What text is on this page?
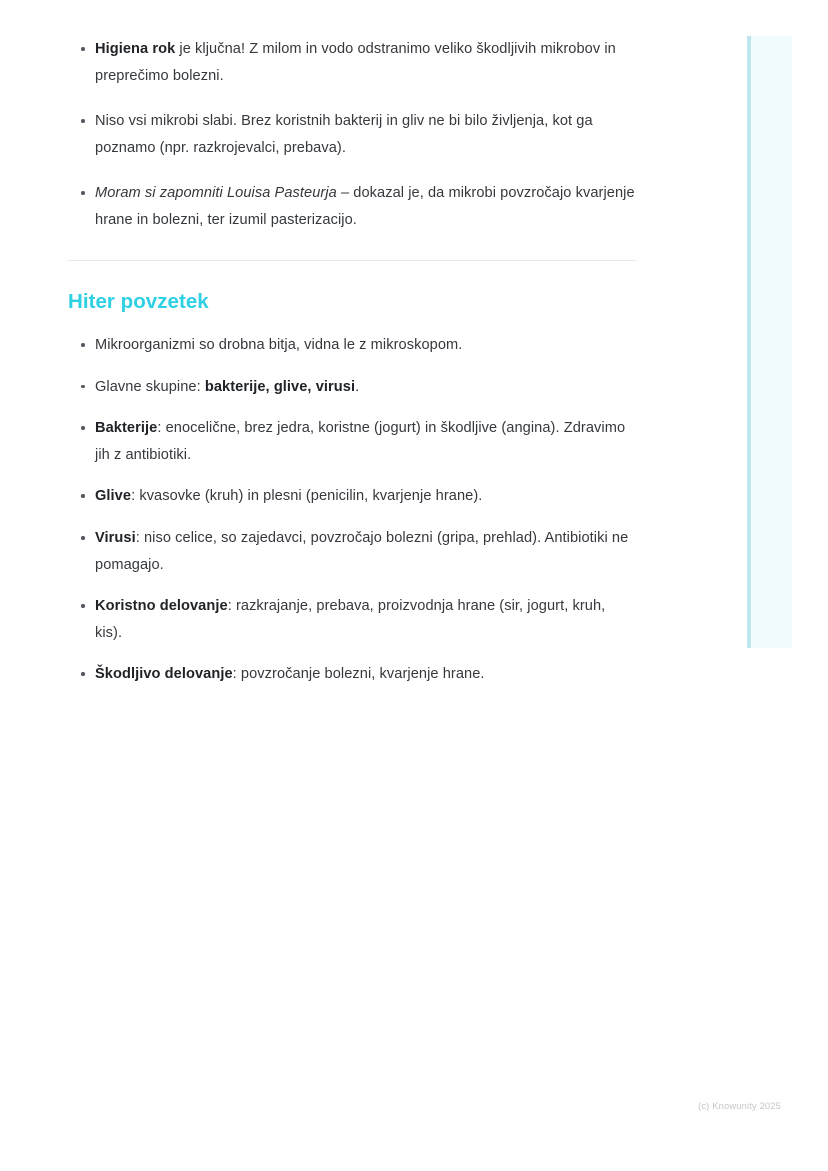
Higiena rok je ključna! Z milom in vodo odstranimo veliko škodljivih mikrobov in preprečimo bolezni.
Niso vsi mikrobi slabi. Brez koristnih bakterij in gliv ne bi bilo življenja, kot ga poznamo (npr. razkrojevalci, prebava).
Moram si zapomniti Louisa Pasteurja – dokazal je, da mikrobi povzročajo kvarjenje hrane in bolezni, ter izumil pasterizacijo.
Hiter povzetek
Mikroorganizmi so drobna bitja, vidna le z mikroskopom.
Glavne skupine: bakterije, glive, virusi.
Bakterije: enocelične, brez jedra, koristne (jogurt) in škodljive (angina). Zdravimo jih z antibiotiki.
Glive: kvasovke (kruh) in plesni (penicilin, kvarjenje hrane).
Virusi: niso celice, so zajedavci, povzročajo bolezni (gripa, prehlad). Antibiotiki ne pomagajo.
Koristno delovanje: razkrajanje, prebava, proizvodnja hrane (sir, jogurt, kruh, kis).
Škodljivo delovanje: povzročanje bolezni, kvarjenje hrane.
(c) Knowunity 2025
